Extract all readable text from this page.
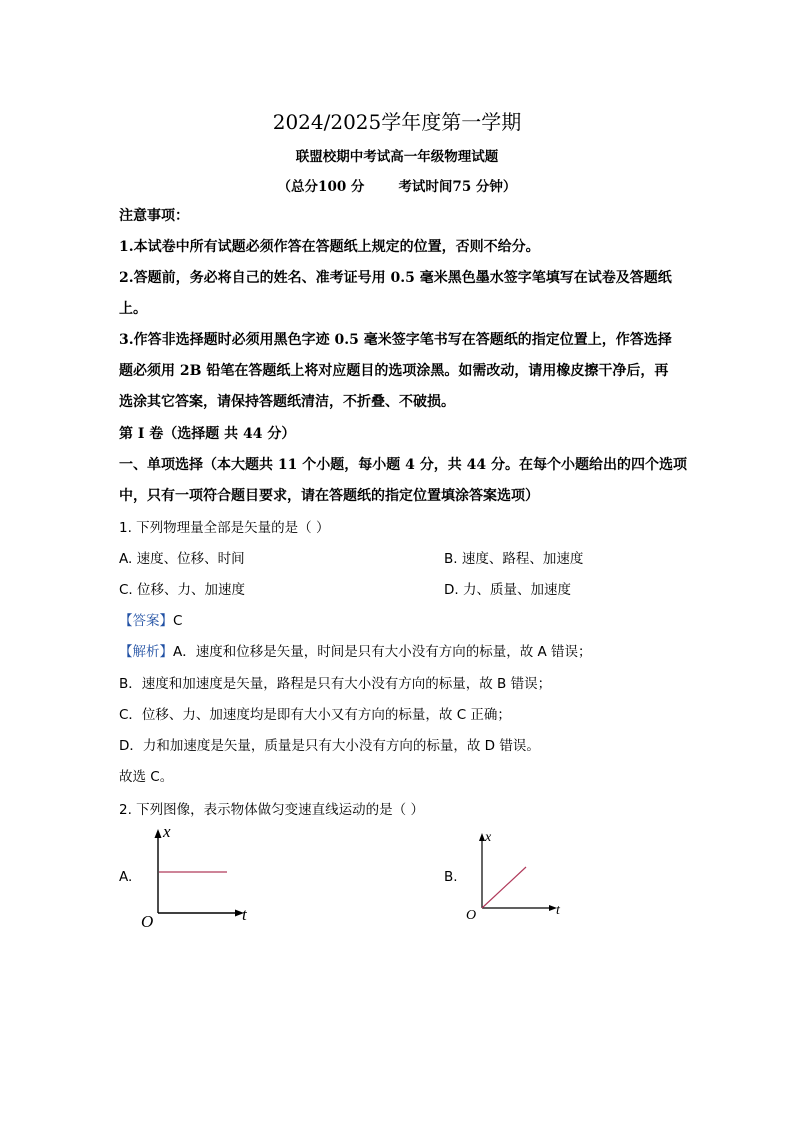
2024/2025学年度第一学期
联盟校期中考试高一年级物理试题
（总分100 分	考试时间75 分钟）
注意事项：
1.本试卷中所有试题必须作答在答题纸上规定的位置，否则不给分。
2.答题前，务必将自己的姓名、准考证号用 0.5 毫米黑色墨水签字笔填写在试卷及答题纸
上。
3.作答非选择题时必须用黑色字迹 0.5 毫米签字笔书写在答题纸的指定位置上，作答选择
题必须用 2B 铅笔在答题纸上将对应题目的选项涂黑。如需改动，请用橡皮擦干净后，再
选涂其它答案，请保持答题纸清洁，不折叠、不破损。
第 I 卷（选择题 共 44 分）
一、单项选择（本大题共 11 个小题，每小题 4 分，共 44 分。在每个小题给出的四个选项
中，只有一项符合题目要求，请在答题纸的指定位置填涂答案选项）
1. 下列物理量全部是矢量的是（ ）
A. 速度、位移、时间	B. 速度、路程、加速度
C. 位移、力、加速度	D. 力、质量、加速度
【答案】C
【解析】A．速度和位移是矢量，时间是只有大小没有方向的标量，故 A 错误；
B．速度和加速度是矢量，路程是只有大小没有方向的标量，故 B 错误；
C．位移、力、加速度均是即有大小又有方向的标量，故 C 正确；
D．力和加速度是矢量，质量是只有大小没有方向的标量，故 D 错误。
故选 C。
2. 下列图像，表示物体做匀变速直线运动的是（ ）
A.
x
t
O
B.
x
t
O
